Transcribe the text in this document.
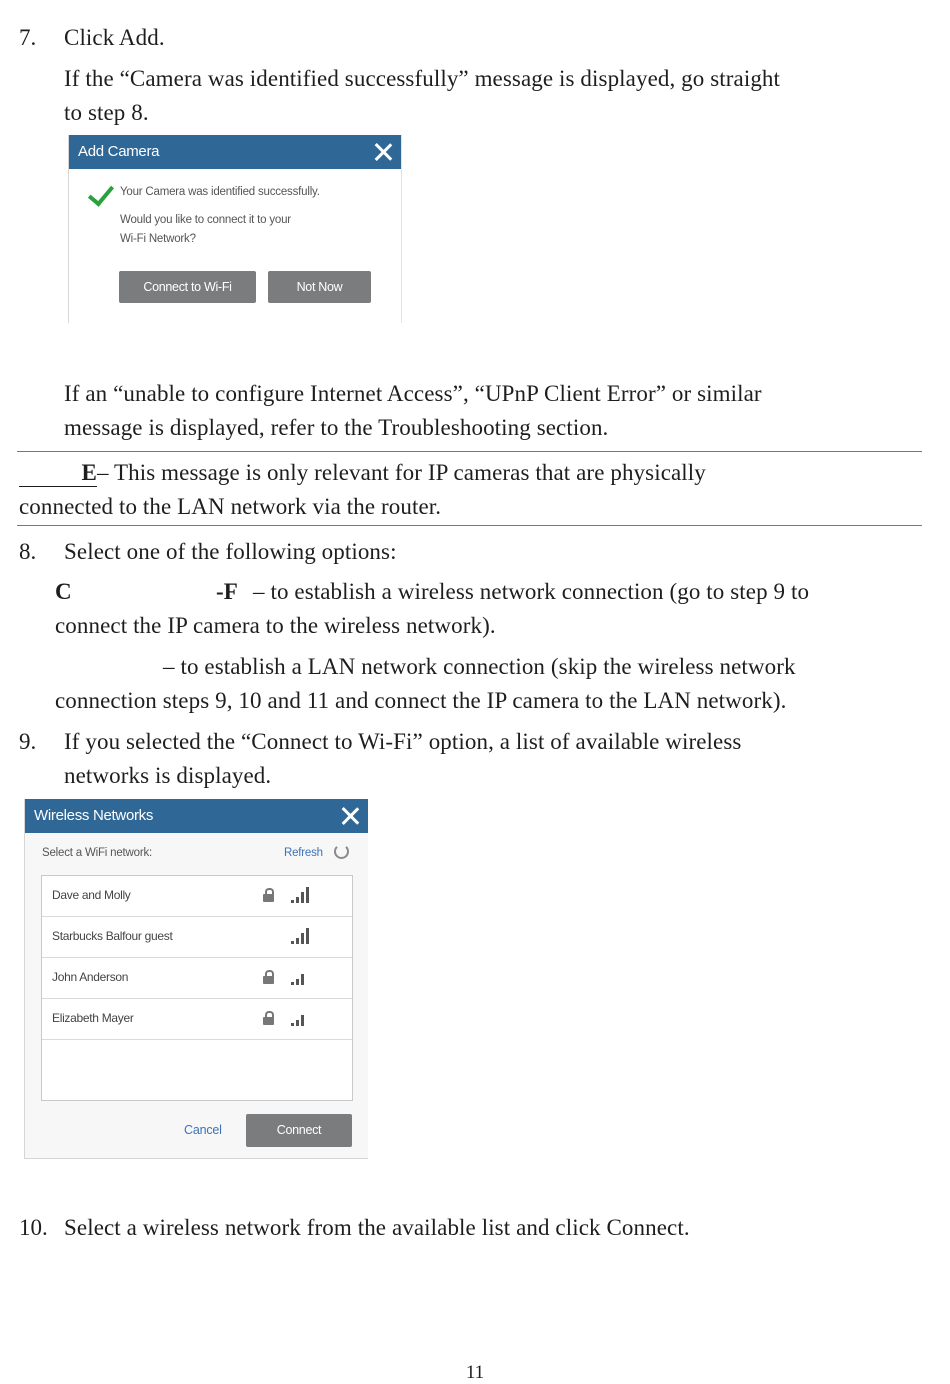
7. Click Add.
If the “Camera was identified successfully” message is displayed, go straight
to step 8.
Add Camera
Your Camera was identified successfully.
Would you like to connect it to your
Wi-Fi Network?
Connect to Wi-Fi	Not Now
If an “unable to configure Internet Access”, “UPnP Client Error” or similar
message is displayed, refer to the Troubleshooting section.
E– This message is only relevant for IP cameras that are physically
connected to the LAN network via the router.
8. Select one of the following options:
C	-F – to establish a wireless network connection (go to step 9 to
connect the IP camera to the wireless network).
– to establish a LAN network connection (skip the wireless network
connection steps 9, 10 and 11 and connect the IP camera to the LAN network).
9. If you selected the “Connect to Wi-Fi” option, a list of available wireless
networks is displayed.
Wireless Networks
Select a WiFi network:	Refresh
Dave and Molly
Starbucks Balfour guest
John Anderson
Elizabeth Mayer
Cancel	Connect
10. Select a wireless network from the available list and click Connect.
11
